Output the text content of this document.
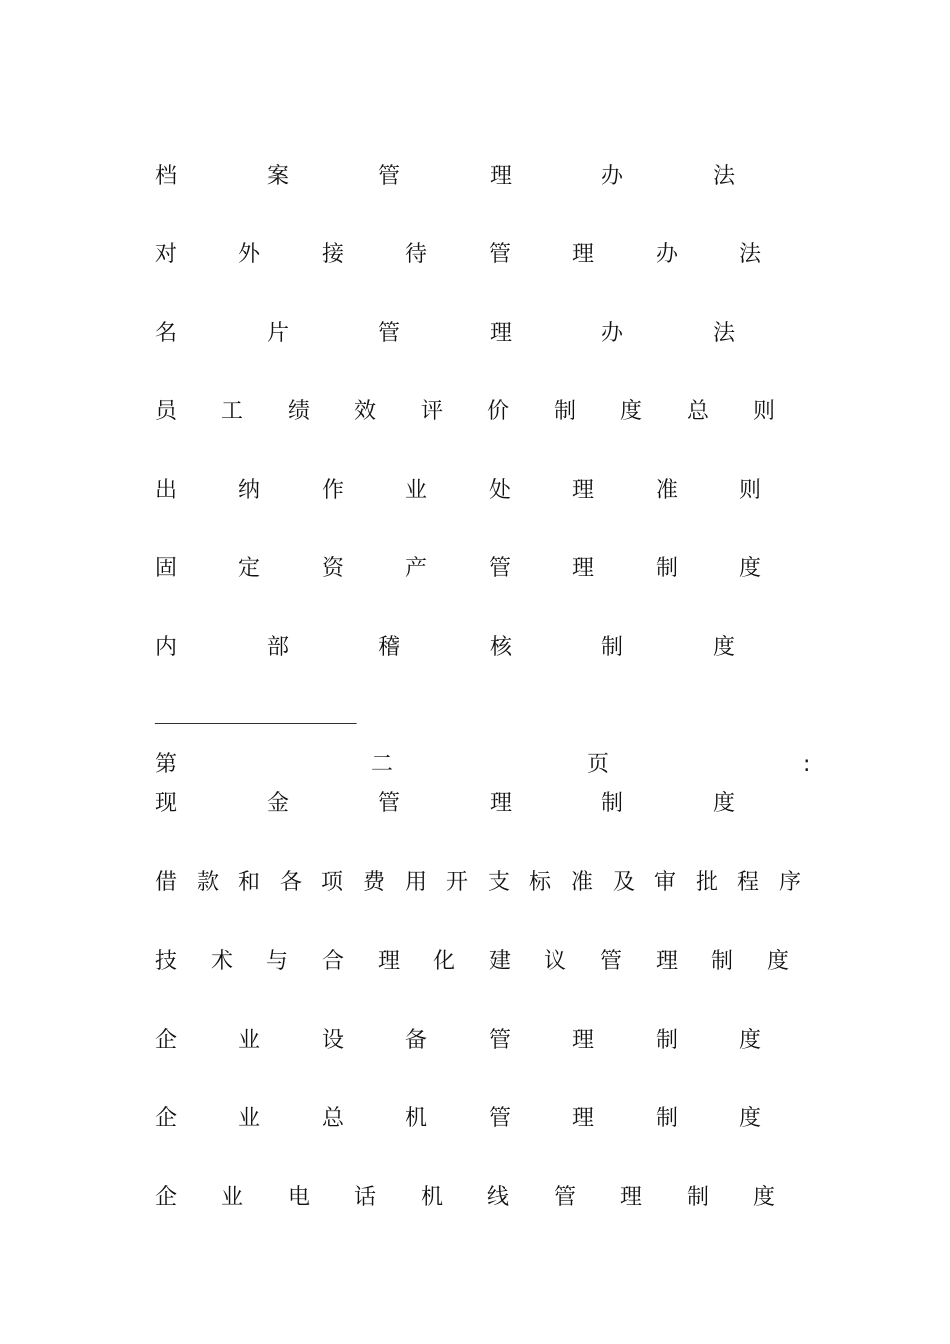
_______________________________
档	案	管	理	办	法
对	外	接	待	管	理	办	法
名	片	管	理	办	法
员 工 绩 效 评 价 制 度 总 则
出	纳	作	业	处	理	准	则
固	定	资	产	管	理	制	度
内	部	稽	核	制	度
第	二	页	:
现	金	管	理	制	度
借 款 和 各 项 费 用 开 支 标 准 及 审 批 程 序
技 术 与 合 理 化 建 议 管 理 制 度
企	业	设	备	管	理	制	度
企	业	总	机	管	理	制	度
企 业 电 话 机 线 管 理 制 度
